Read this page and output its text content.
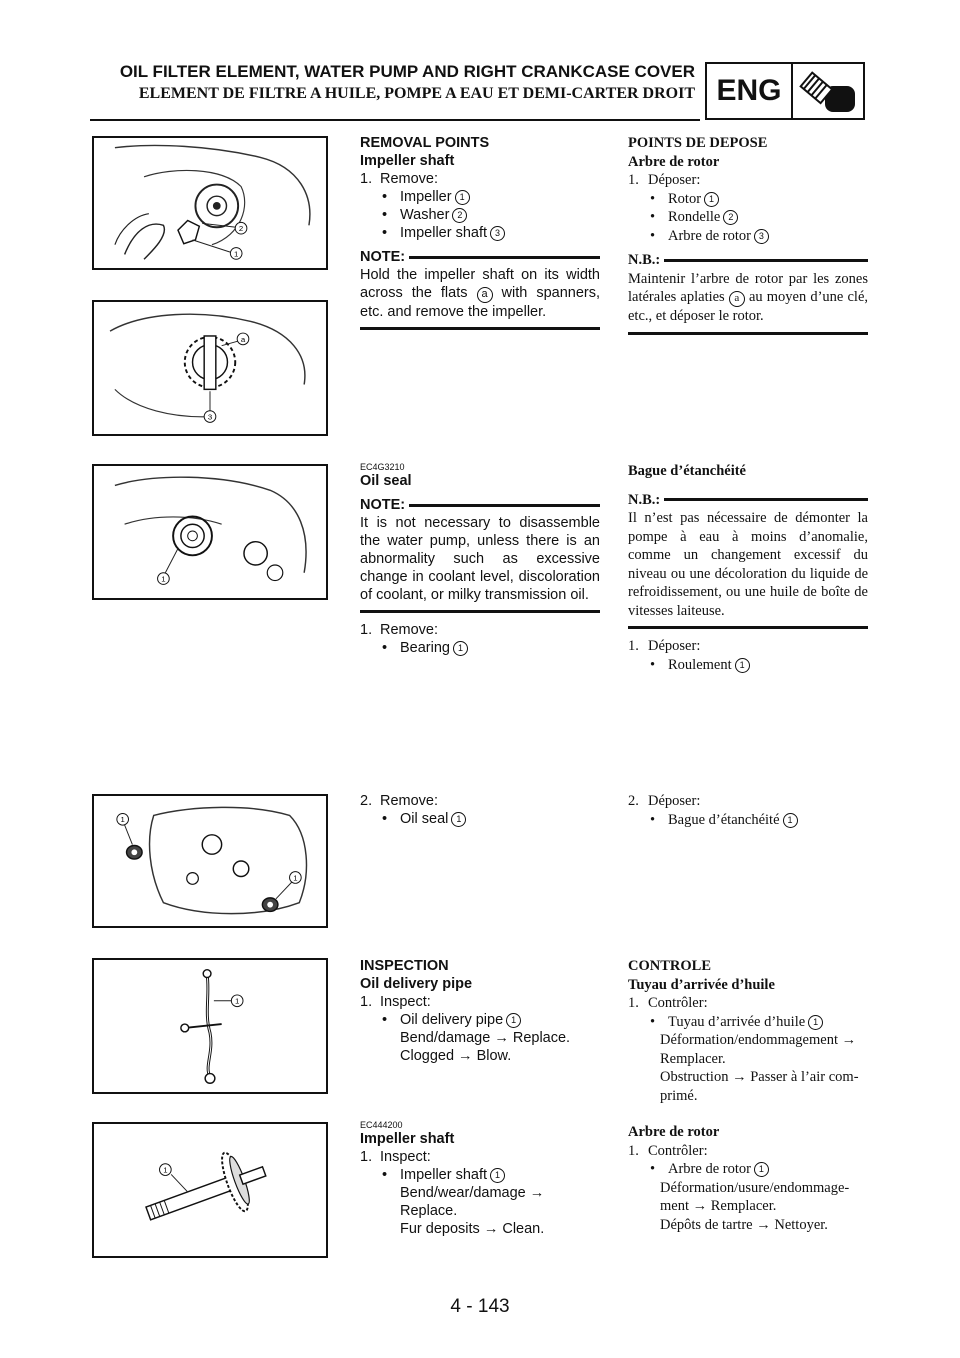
OIL FILTER ELEMENT, WATER PUMP AND RIGHT CRANKCASE COVER
ELEMENT DE FILTRE A HUILE, POMPE A EAU ET DEMI-CARTER DROIT ENG
2
1
a
3
1
1
1
1
1
REMOVAL POINTS
Impeller shaft
1. Remove:
• Impeller 1
• Washer 2
• Impeller shaft 3
NOTE:
Hold the impeller shaft on its width across the flats a with spanners, etc. and remove the impeller.
POINTS DE DEPOSE
Arbre de rotor
1. Déposer:
• Rotor 1
• Rondelle 2
• Arbre de rotor 3
N.B.:
Maintenir l’arbre de rotor par les zones latérales aplaties a au moyen d’une clé, etc., et déposer le rotor.
EC4G3210
Oil seal
NOTE:
It is not necessary to disassemble the water pump, unless there is an abnormality such as excessive change in coolant level, discoloration of coolant, or milky transmission oil.
1. Remove:
• Bearing 1
Bague d’étanchéité
N.B.:
Il n’est pas nécessaire de démonter la pompe à eau à moins d’anomalie, comme un changement excessif du niveau ou une décoloration du liquide de refroidissement, ou une huile de boîte de vitesses laiteuse.
1. Déposer:
• Roulement 1
2. Remove:
• Oil seal 1
2. Déposer:
• Bague d’étanchéité 1
INSPECTION
Oil delivery pipe
1. Inspect:
• Oil delivery pipe 1
Bend/damage → Replace.
Clogged → Blow.
CONTROLE
Tuyau d’arrivée d’huile
1. Contrôler:
• Tuyau d’arrivée d’huile 1
Déformation/endommagement →
Remplacer.
Obstruction → Passer à l’air com-
primé.
EC444200
Impeller shaft
1. Inspect:
• Impeller shaft 1
Bend/wear/damage →
Replace.
Fur deposits → Clean.
Arbre de rotor
1. Contrôler:
• Arbre de rotor 1
Déformation/usure/endommage-
ment → Remplacer.
Dépôts de tartre → Nettoyer.
4 - 143
